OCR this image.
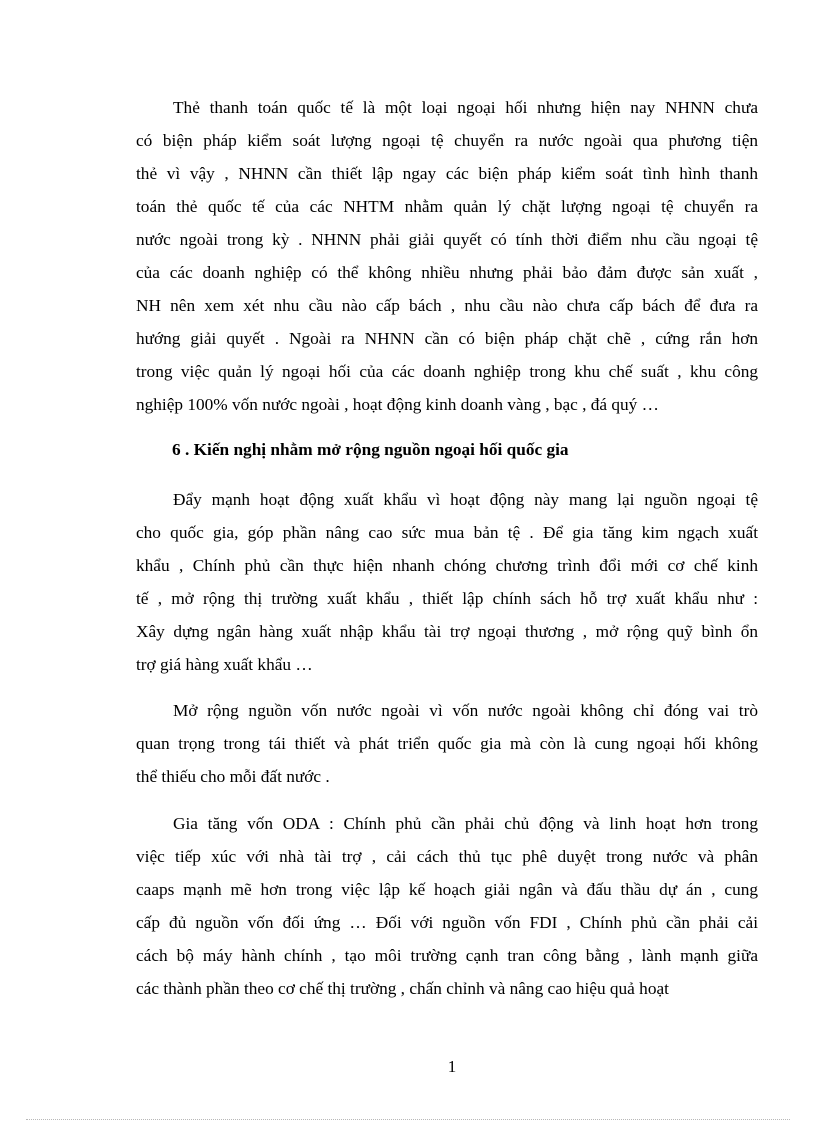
Thẻ thanh toán quốc tế là một loại ngoại hối nhưng hiện nay NHNN chưa
có biện pháp kiểm soát lượng ngoại tệ chuyển ra nước ngoài qua phương tiện
thẻ vì vậy , NHNN cần thiết lập ngay các biện pháp kiểm soát tình hình thanh
toán thẻ quốc tế của các NHTM nhằm quản lý chặt lượng ngoại tệ chuyển ra
nước ngoài trong kỳ . NHNN phải giải quyết có tính thời điểm nhu cầu ngoại tệ
của các doanh nghiệp có thể không nhiều nhưng phải bảo đảm được sản xuất ,
NH nên xem xét nhu cầu nào cấp bách , nhu cầu nào chưa cấp bách để đưa ra
hướng giải quyết . Ngoài ra NHNN cần có biện pháp chặt chẽ , cứng rắn hơn
trong việc quản lý ngoại hối của các doanh nghiệp trong khu chế suất , khu công
nghiệp 100% vốn nước ngoài , hoạt động kinh doanh vàng , bạc , đá quý …
6 . Kiến nghị nhằm mở rộng nguồn ngoại hối quốc gia
Đẩy mạnh hoạt động xuất khẩu vì hoạt động này mang lại nguồn ngoại tệ
cho quốc gia, góp phần nâng cao sức mua bản tệ . Để gia tăng kim ngạch xuất
khẩu , Chính phủ cần thực hiện nhanh chóng chương trình đổi mới cơ chế kinh
tế , mở rộng thị trường xuất khẩu , thiết lập chính sách hỗ trợ xuất khẩu như :
Xây dựng ngân hàng xuất nhập khẩu tài trợ ngoại thương , mở rộng quỹ bình ổn
trợ giá hàng xuất khẩu …
Mở rộng nguồn vốn nước ngoài vì vốn nước ngoài không chỉ đóng vai trò
quan trọng trong tái thiết và phát triển quốc gia mà còn là cung ngoại hối không
thể thiếu cho mỗi đất nước .
Gia tăng vốn ODA : Chính phủ cần phải chủ động và linh hoạt hơn trong
việc tiếp xúc với nhà tài trợ , cải cách thủ tục phê duyệt trong nước và phân
caaps mạnh mẽ hơn trong việc lập kế hoạch giải ngân và đấu thầu dự án , cung
cấp đủ nguồn vốn đối ứng … Đối với nguồn vốn FDI , Chính phủ cần phải cải
cách bộ máy hành chính , tạo môi trường cạnh tran công bằng , lành mạnh giữa
các thành phần theo cơ chế thị trường , chấn chỉnh và nâng cao hiệu quả hoạt
1
